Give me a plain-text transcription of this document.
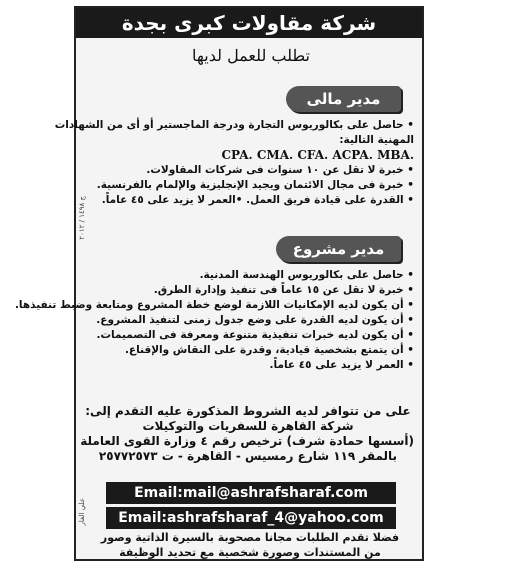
شركة مقاولات كبرى بجدة
تطلب للعمل لديها
مدير مالى
• حاصل على بكالوريوس التجارة ودرجة الماجستير أو أى من الشهادات
المهنية التالية:
CPA. CMA. CFA. ACPA. MBA.
• خبرة لا تقل عن ١٠ سنوات فى شركات المقاولات.
• خبرة فى مجال الائتمان ويجيد الإنجليزية والإلمام بالفرنسية.
• القدرة على قيادة فريق العمل. •العمر لا يزيد على ٤٥ عاماً.
مدير مشروع
• حاصل على بكالوريوس الهندسة المدنية.
• خبرة لا تقل عن ١٥ عاماً فى تنفيذ وإدارة الطرق.
• أن يكون لديه الإمكانيات اللازمة لوضع خطة المشروع ومتابعة وضبط تنفيذها.
• أن يكون لديه القدرة على وضع جدول زمنى لتنفيذ المشروع.
• أن يكون لديه خبرات تنفيذية متنوعة ومعرفة فى التصميمات.
• أن يتمتع بشخصية قيادية، وقدرة على النقاش والإقناع.
• العمر لا يزيد على ٤٥ عاماً.
على من تتوافر لديه الشروط المذكورة عليه التقدم إلى:
شركة القاهرة للسفريات والتوكيلات
(أسسها حمادة شرف) ترخيص رقم ٤ وزارة القوى العاملة
بالمقر ١١٩ شارع رمسيس - القاهرة - ت ٢٥٧٧٢٥٧٣
Email:mail@ashrafsharaf.com
Email:ashrafsharaf_4@yahoo.com
فضلا تقدم الطلبات مجانا مصحوبة بالسيرة الذاتية وصور
من المستندات وصورة شخصية مع تحديد الوظيفة
ج ١٤٩٨ / ٢٠١٢
علي الغار
